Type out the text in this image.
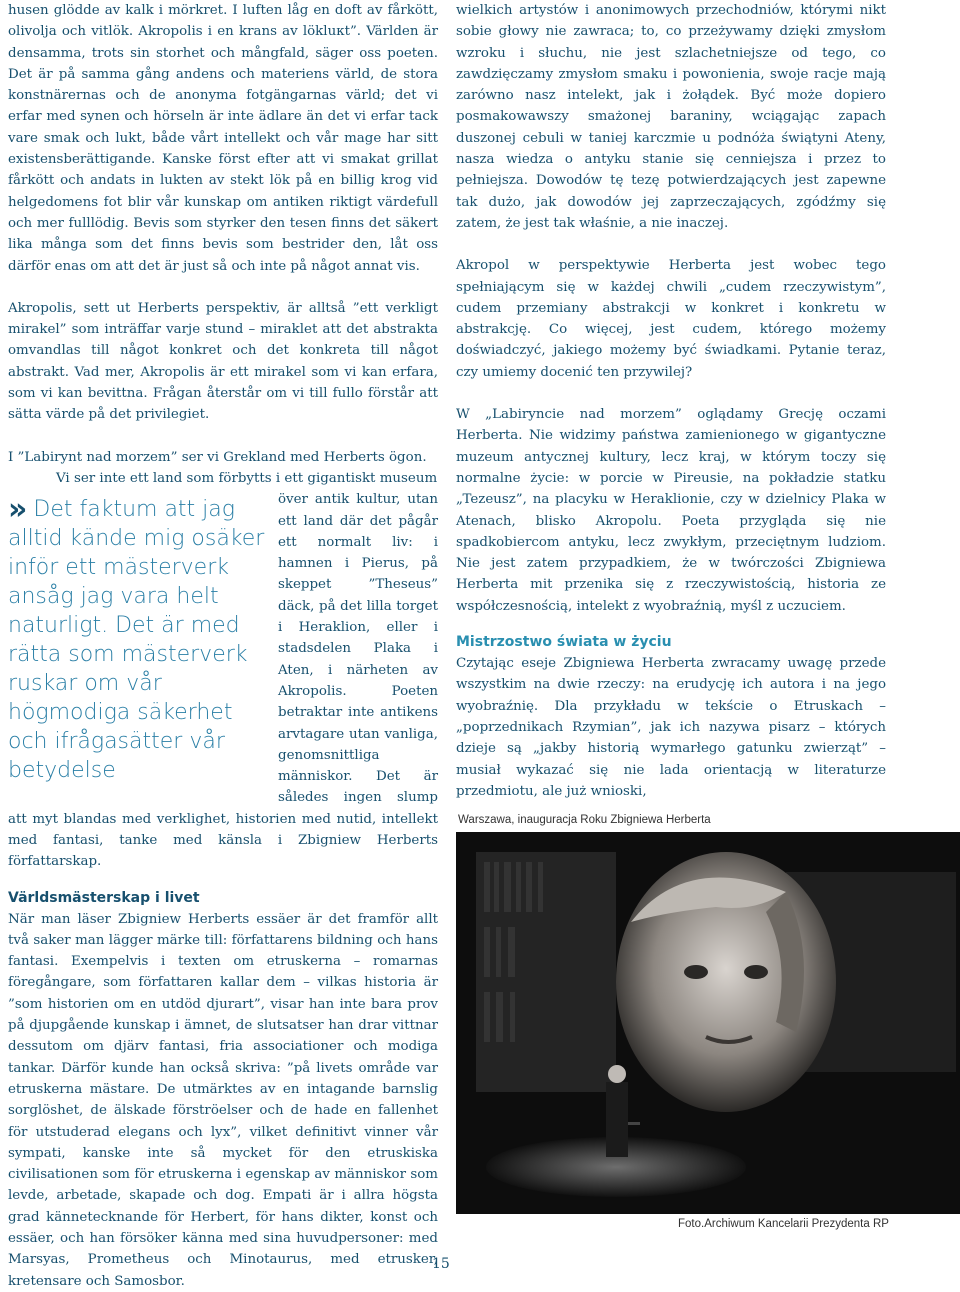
husen glödde av kalk i mörkret. I luften låg en doft av fårkött, olivolja och vitlök. Akropolis i en krans av lökluкt”. Världen är densamma, trots sin storhet och mångfald, säger oss poeten. Det är på samma gång andens och materiens värld, de stora konstnärernas och de anonyma fotgängarnas värld; det vi erfar med synen och hörseln är inte ädlare än det vi erfar tack vare smak och lukt, både vårt intellekt och vår mage har sitt existensberättigande. Kanske först efter att vi smakat grillat fårkött och andats in lukten av stekt lök på en billig krog vid helgedomens fot blir vår kunskap om antiken riktigt värdefull och mer fulllödig. Bevis som styrker den tesen finns det säkert lika många som det finns bevis som bestrider den, låt oss därför enas om att det är just så och inte på något annat vis.

Akropolis, sett ut Herberts perspektiv, är alltså ”ett verkligt mirakel” som inträffar varje stund – miraklet att det abstrakta omvandlas till något konkret och det konkreta till något abstrakt. Vad mer, Akropolis är ett mirakel som vi kan erfara, som vi kan bevittna. Frågan återstår om vi till fullo förstår att sätta värde på det privilegiet.

I ”Labirynt nad morzem” ser vi Grekland med Herberts ögon.

Vi ser inte ett land som förbytts i ett gigantiskt museum

» Det faktum att jag alltid kände mig osäker inför ett mästerverk ansåg jag vara helt naturligt. Det är med rätta som mästerverk ruskar om vår högmodiga säkerhet och ifrågasätter vår betydelse

över antik kultur, utan ett land där det pågår ett normalt liv: i hamnen i Pierus, på skeppet ”Theseus” däck, på det lilla torget i Heraklion, eller i stadsdelen Plaka i Aten, i närheten av Akropolis. Poeten betraktar inte antikens arvtagare utan vanliga, genomsnittliga människor. Det är således ingen slump att myt blandas med verklighet, historien med nutid, intellekt med fantasi, tanke med känsla i Zbigniew Herberts författarskap.

Världsmästerskap i livet

När man läser Zbigniew Herberts essäer är det framför allt två saker man lägger märke till: författarens bildning och hans fantasi. Exempelvis i texten om etruskerna – romarnas föregångare, som författaren kallar dem – vilkas historia är ”som historien om en utdöd djurart”, visar han inte bara prov på djupgående kunskap i ämnet, de slutsatser han drar vittnar dessutom om djärv fantasi, fria associationer och modiga tankar. Därför kunde han också skriva: ”på livets område var etruskerna mästare. De utmärktes av en intagande barnslig sorglöshet, de älskade förströelser och de hade en fallenhet för utstuderad elegans och lyx”, vilket definitivt vinner vår sympati, kanske inte så mycket för den etruskiska civilisationen som för etruskerna i egenskap av människor som levde, arbetade, skapade och dog. Empati är i allra högsta grad kännetecknande för Herbert, för hans dikter, konst och essäer, och han försöker känna med sina huvudpersoner: med Marsyas, Prometheus och Minotaurus, med etrusker, kretensare och Samosbor.

wielkich artystów i anonimowych przechodniów, którymi nikt sobie głowy nie zawraca; to, co przeżywamy dzięki zmysłom wzroku i słuchu, nie jest szlachetniejsze od tego, co zawdzięczamy zmysłom smaku i powonienia, swoje racje mają zarówno nasz intelekt, jak i żołądek. Być może dopiero posmakowawszy smażonej baraniny, wciągając zapach duszonej cebuli w taniej karczmie u podnóża świątyni Ateny, nasza wiedza o antyku stanie się cenniejsza i przez to pełniejsza. Dowodów tę tezę potwierdzających jest zapewne tak dużo, jak dowodów jej zaprzeczających, zgódźmy się zatem, że jest tak właśnie, a nie inaczej.

Akropol w perspektywie Herberta jest wobec tego spełniającym się w każdej chwili „cudem rzeczywistym”, cudem przemiany abstrakcji w konkret i konkretu w abstrakcję. Co więcej, jest cudem, którego możemy doświadczyć, jakiego możemy być świadkami. Pytanie teraz, czy umiemy docenić ten przywilej?

W „Labiryncie nad morzem” oglądamy Grecję oczami Herberta. Nie widzimy państwa zamienionego w gigantyczne muzeum antycznej kultury, lecz kraj, w którym toczy się normalne życie: w porcie w Pireusie, na pokładzie statku „Tezeusz”, na placyku w Heraklionie, czy w dzielnicy Plaka w Atenach, blisko Akropolu. Poeta przygląda się nie spadkobiercom antyku, lecz zwykłym, przeciętnym ludziom. Nie jest zatem przypadkiem, że w twórczości Zbigniewa Herberta mit przenika się z rzeczywistością, historia ze współczesnością, intelekt z wyobraźnią, myśl z uczuciem.

Mistrzostwo świata w życiu

Czytając eseje Zbigniewa Herberta zwracamy uwagę przede wszystkim na dwie rzeczy: na erudycję ich autora i na jego wyobraźnię. Dla przykładu w tekście o Etruskach – „poprzednikach Rzymian”, jak ich nazywa pisarz – których dzieje są „jakby historią wymarłego gatunku zwierząt” – musiał wykazać się nie lada orientacją w literaturze przedmiotu, ale już wnioski,

Warszawa, inauguracja Roku Zbigniewa Herberta
Foto.Archiwum Kancelarii Prezydenta RP
15
